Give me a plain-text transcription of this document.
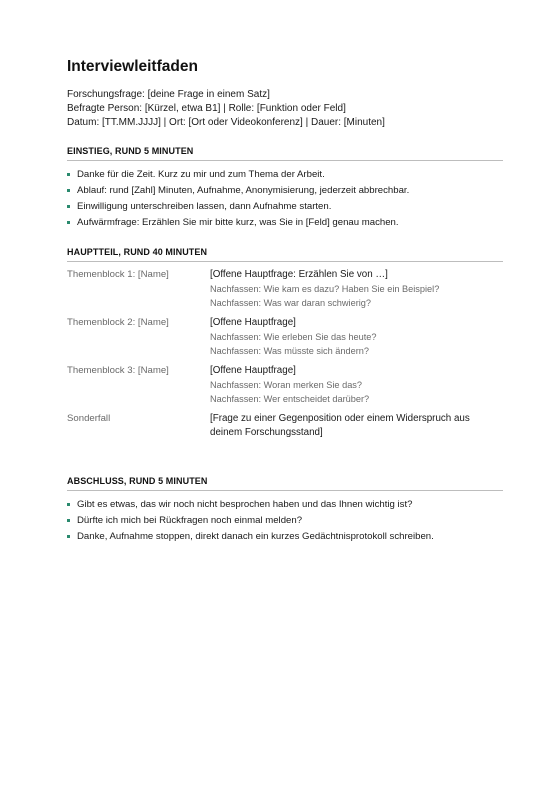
Interviewleitfaden
Forschungsfrage: [deine Frage in einem Satz]
Befragte Person: [Kürzel, etwa B1] | Rolle: [Funktion oder Feld]
Datum: [TT.MM.JJJJ] | Ort: [Ort oder Videokonferenz] | Dauer: [Minuten]
EINSTIEG, RUND 5 MINUTEN
Danke für die Zeit. Kurz zu mir und zum Thema der Arbeit.
Ablauf: rund [Zahl] Minuten, Aufnahme, Anonymisierung, jederzeit abbrechbar.
Einwilligung unterschreiben lassen, dann Aufnahme starten.
Aufwärmfrage: Erzählen Sie mir bitte kurz, was Sie in [Feld] genau machen.
HAUPTTEIL, RUND 40 MINUTEN
Themenblock 1: [Name]	[Offene Hauptfrage: Erzählen Sie von …]
Nachfassen: Wie kam es dazu? Haben Sie ein Beispiel?
Nachfassen: Was war daran schwierig?
Themenblock 2: [Name]	[Offene Hauptfrage]
Nachfassen: Wie erleben Sie das heute?
Nachfassen: Was müsste sich ändern?
Themenblock 3: [Name]	[Offene Hauptfrage]
Nachfassen: Woran merken Sie das?
Nachfassen: Wer entscheidet darüber?
Sonderfall	[Frage zu einer Gegenposition oder einem Widerspruch aus deinem Forschungsstand]
ABSCHLUSS, RUND 5 MINUTEN
Gibt es etwas, das wir noch nicht besprochen haben und das Ihnen wichtig ist?
Dürfte ich mich bei Rückfragen noch einmal melden?
Danke, Aufnahme stoppen, direkt danach ein kurzes Gedächtnisprotokoll schreiben.
